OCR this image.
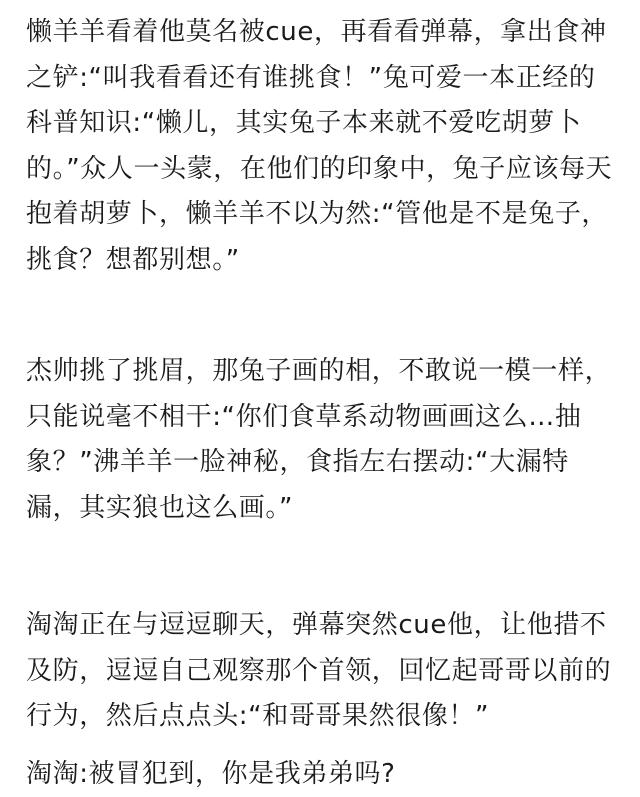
懒羊羊看着他莫名被cue，再看看弹幕，拿出食神之铲:“叫我看看还有谁挑食！”兔可爱一本正经的科普知识:“懒儿，其实兔子本来就不爱吃胡萝卜的。”众人一头蒙，在他们的印象中，兔子应该每天抱着胡萝卜，懒羊羊不以为然:“管他是不是兔子，挑食？想都别想。”

杰帅挑了挑眉，那兔子画的相，不敢说一模一样，只能说毫不相干:“你们食草系动物画画这么…抽象？”沸羊羊一脸神秘，食指左右摆动:“大漏特漏，其实狼也这么画。”

淘淘正在与逗逗聊天，弹幕突然cue他，让他措不及防，逗逗自己观察那个首领，回忆起哥哥以前的行为，然后点点头:“和哥哥果然很像！”

淘淘:被冒犯到，你是我弟弟吗?
